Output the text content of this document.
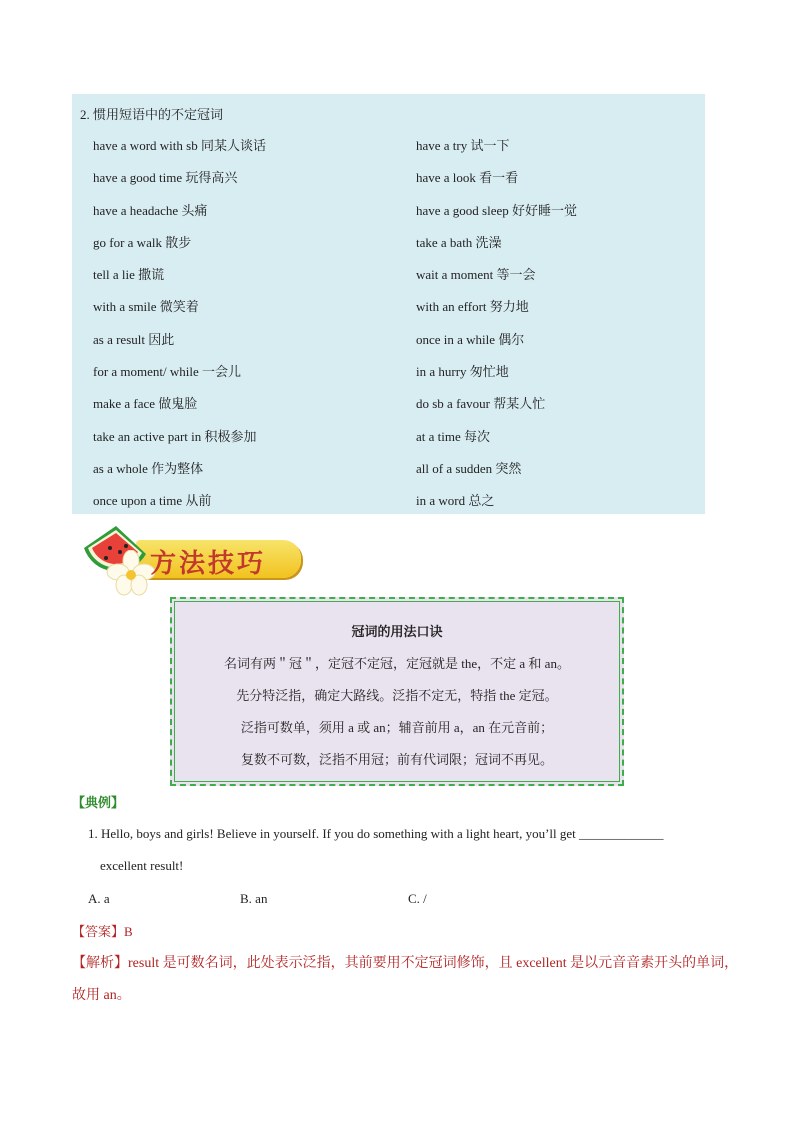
2. 惯用短语中的不定冠词
have a word with sb 同某人谈话	have a try 试一下
have a good time 玩得高兴	have a look 看一看
have a headache 头痛	have a good sleep 好好睡一觉
go for a walk 散步	take a bath 洗澡
tell a lie 撒谎	wait a moment 等一会
with a smile 微笑着	with an effort 努力地
as a result 因此	once in a while 偶尔
for a moment/ while 一会儿	in a hurry 匆忙地
make a face 做鬼脸	do sb a favour 帮某人忙
take an active part in 积极参加	at a time 每次
as a whole 作为整体	all of a sudden 突然
once upon a time 从前	in a word 总之
方法技巧
冠词的用法口诀
名词有两＂冠＂，定冠不定冠，定冠就是 the，不定 a 和 an。
先分特泛指，确定大路线。泛指不定无，特指 the 定冠。
泛指可数单，须用 a 或 an；辅音前用 a，an 在元音前；
复数不可数，泛指不用冠；前有代词限；冠词不再见。
【典例】
1. Hello, boys and girls! Believe in yourself. If you do something with a light heart, you’ll get _____________
excellent result!
A. a	B. an	C. /
【答案】B
【解析】result 是可数名词，此处表示泛指，其前要用不定冠词修饰，且 excellent 是以元音音素开头的单词，
故用 an。
